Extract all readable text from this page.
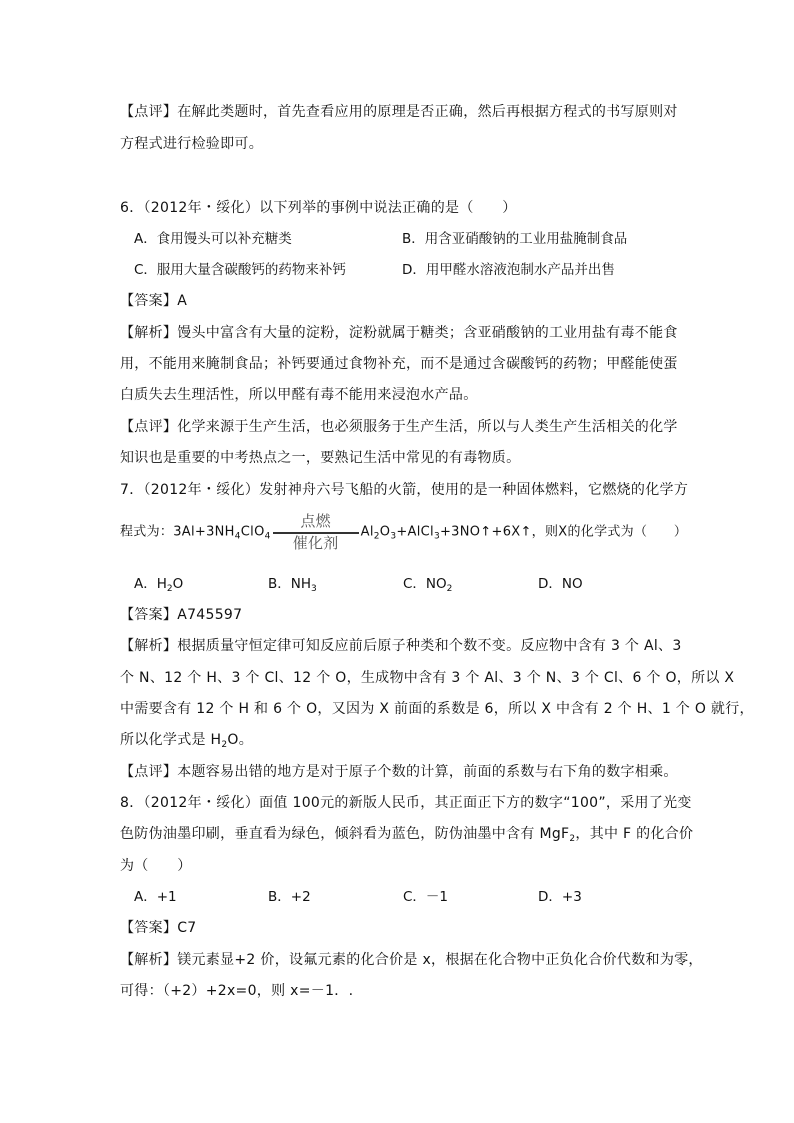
【点评】在解此类题时，首先查看应用的原理是否正确，然后再根据方程式的书写原则对
方程式进行检验即可。
6．（2012年・绥化）以下列举的事例中说法正确的是（　　）
A．食用馒头可以补充糖类	B．用含亚硝酸钠的工业用盐腌制食品
C．服用大量含碳酸钙的药物来补钙	D．用甲醛水溶液泡制水产品并出售
【答案】A
【解析】馒头中富含有大量的淀粉，淀粉就属于糖类；含亚硝酸钠的工业用盐有毒不能食
用，不能用来腌制食品；补钙要通过食物补充，而不是通过含碳酸钙的药物；甲醛能使蛋
白质失去生理活性，所以甲醛有毒不能用来浸泡水产品。
【点评】化学来源于生产生活，也必须服务于生产生活，所以与人类生产生活相关的化学
知识也是重要的中考热点之一，要熟记生活中常见的有毒物质。
7．（2012年・绥化）发射神舟六号飞船的火箭，使用的是一种固体燃料，它燃烧的化学方
程式为：$3Al+3NH_4ClO_4$
点燃
催化剂
$Al_2O_3+AlCl_3+3NO↑+6X↑$，则X的化学式为（　　）
A．$H_2O$	B．$NH_3$	C．$NO_2$	D．NO
【答案】A745597
【解析】根据质量守恒定律可知反应前后原子种类和个数不变。反应物中含有 3 个 Al、3
个 N、12 个 H、3 个 Cl、12 个 O，生成物中含有 3 个 Al、3 个 N、3 个 Cl、6 个 O，所以 X
中需要含有 12 个 H 和 6 个 O，又因为 X 前面的系数是 6，所以 X 中含有 2 个 H、1 个 O 就行，
所以化学式是 $H_2O$。
【点评】本题容易出错的地方是对于原子个数的计算，前面的系数与右下角的数字相乘。
8．（2012年・绥化）面值 100元的新版人民币，其正面正下方的数字“100”，采用了光变
色防伪油墨印刷，垂直看为绿色，倾斜看为蓝色，防伪油墨中含有 MgF$_2$，其中 F 的化合价
为（　　）
A．+1	B．+2	C．－1	D．+3
【答案】C7
【解析】镁元素显+2 价，设氟元素的化合价是 x，根据在化合物中正负化合价代数和为零，
可得：（+2）+2x=0，则 x=－1．.
